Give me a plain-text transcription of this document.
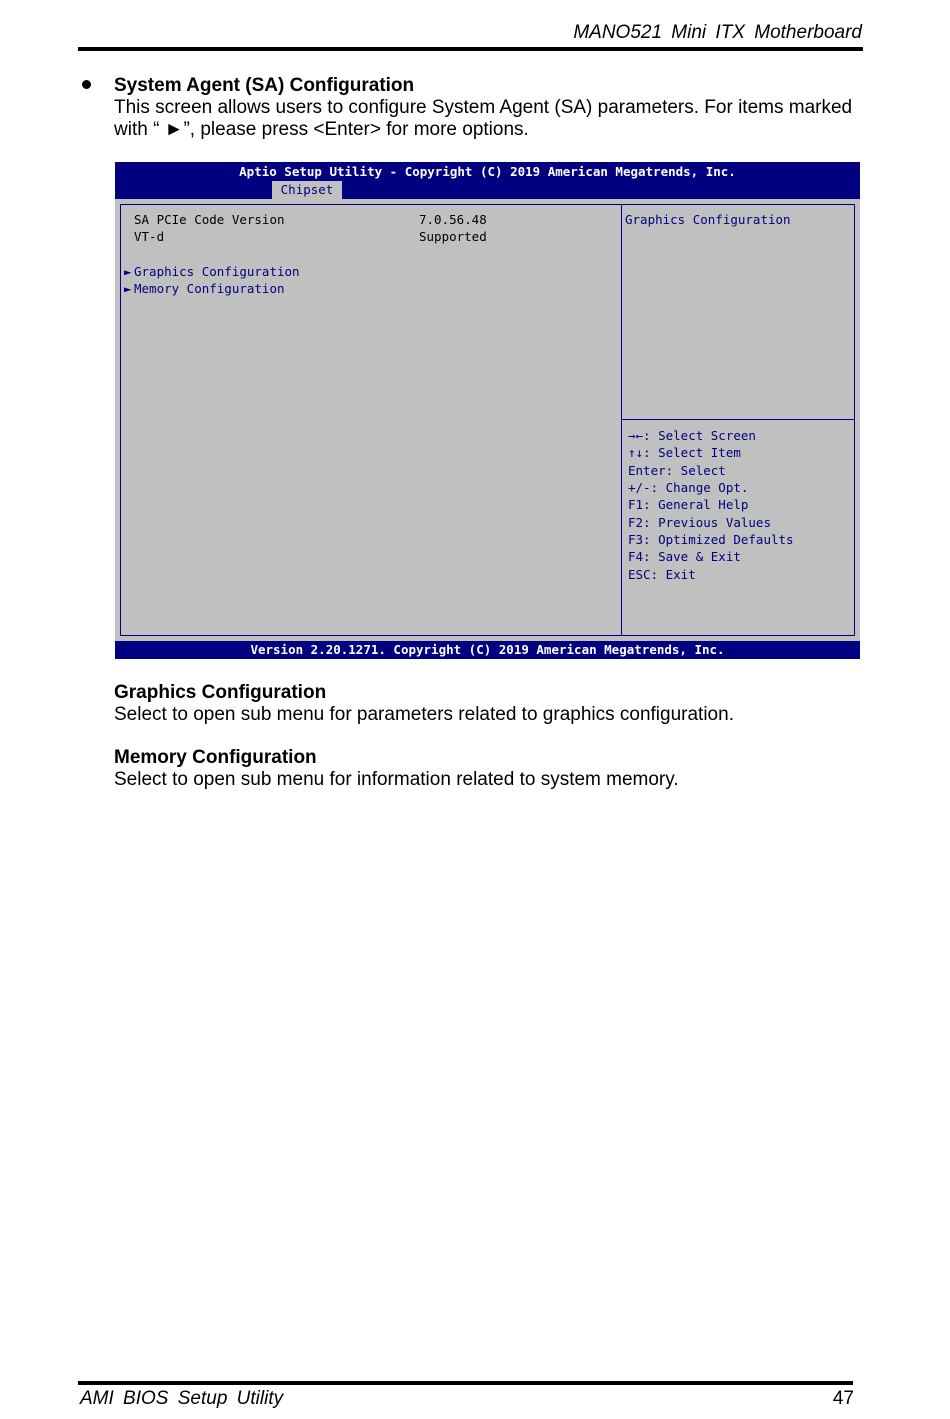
MANO521 Mini ITX Motherboard
System Agent (SA) Configuration
This screen allows users to configure System Agent (SA) parameters. For items marked
with “ ►”, please press <Enter> for more options.
Aptio Setup Utility - Copyright (C) 2019 American Megatrends, Inc.
Chipset
SA PCIe Code Version	7.0.56.48
VT-d	Supported
► Graphics Configuration
► Memory Configuration
Graphics Configuration
→←: Select Screen
↑↓: Select Item
Enter: Select
+/-: Change Opt.
F1: General Help
F2: Previous Values
F3: Optimized Defaults
F4: Save & Exit
ESC: Exit
Version 2.20.1271. Copyright (C) 2019 American Megatrends, Inc.
Graphics Configuration
Select to open sub menu for parameters related to graphics configuration.
Memory Configuration
Select to open sub menu for information related to system memory.
AMI BIOS Setup Utility	47
